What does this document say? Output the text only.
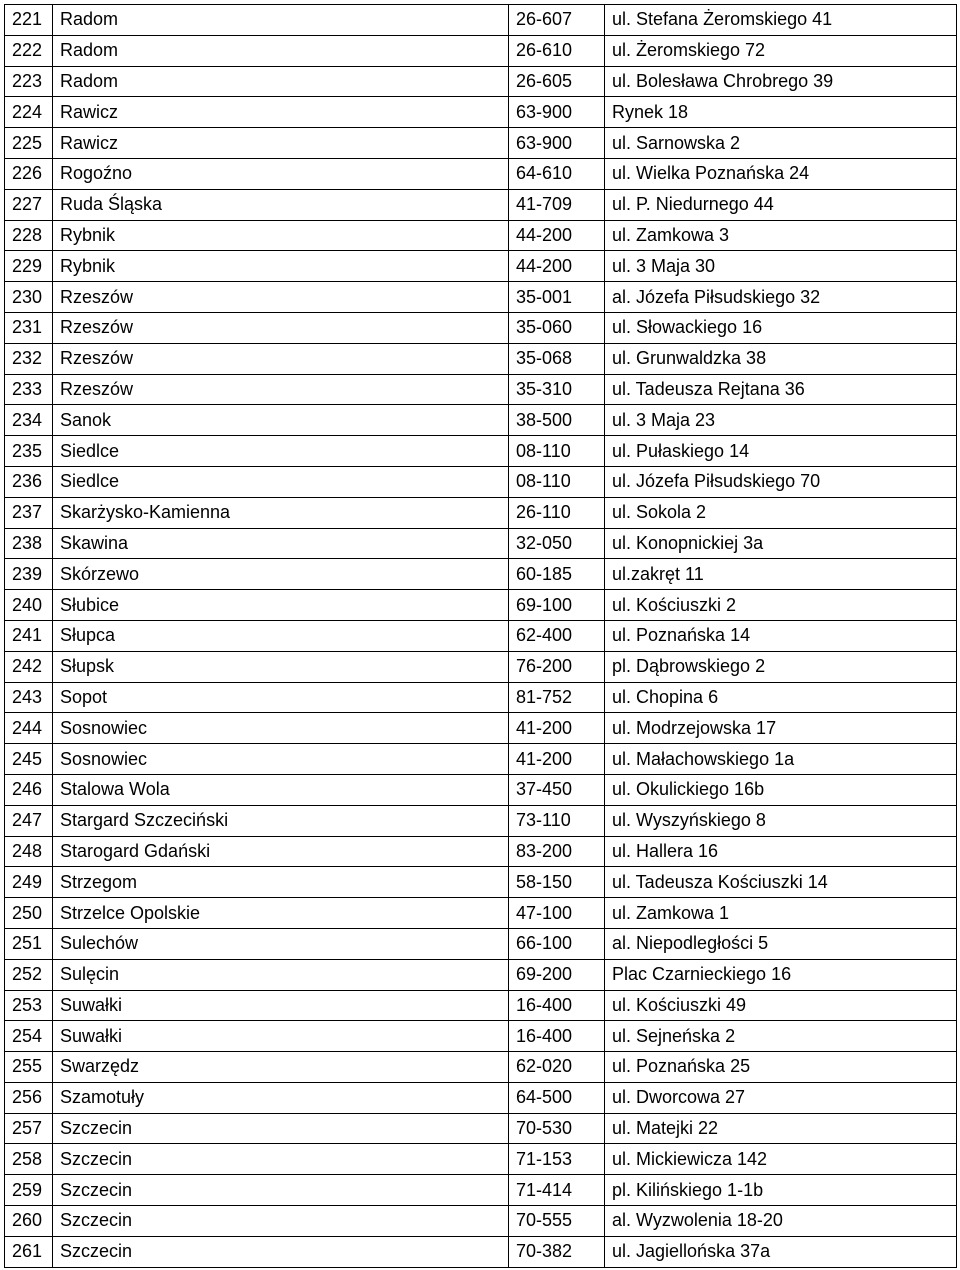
221	Radom	26-607	ul. Stefana Żeromskiego 41
222	Radom	26-610	ul. Żeromskiego 72
223	Radom	26-605	ul. Bolesława Chrobrego 39
224	Rawicz	63-900	Rynek 18
225	Rawicz	63-900	ul. Sarnowska 2
226	Rogoźno	64-610	ul. Wielka Poznańska 24
227	Ruda Śląska	41-709	ul. P. Niedurnego 44
228	Rybnik	44-200	ul. Zamkowa 3
229	Rybnik	44-200	ul. 3 Maja 30
230	Rzeszów	35-001	al. Józefa Piłsudskiego 32
231	Rzeszów	35-060	ul. Słowackiego 16
232	Rzeszów	35-068	ul. Grunwaldzka 38
233	Rzeszów	35-310	ul. Tadeusza Rejtana 36
234	Sanok	38-500	ul. 3 Maja 23
235	Siedlce	08-110	ul. Pułaskiego 14
236	Siedlce	08-110	ul. Józefa Piłsudskiego 70
237	Skarżysko-Kamienna	26-110	ul. Sokola 2
238	Skawina	32-050	ul. Konopnickiej 3a
239	Skórzewo	60-185	ul.zakręt 11
240	Słubice	69-100	ul. Kościuszki 2
241	Słupca	62-400	ul. Poznańska 14
242	Słupsk	76-200	pl. Dąbrowskiego 2
243	Sopot	81-752	ul. Chopina 6
244	Sosnowiec	41-200	ul. Modrzejowska 17
245	Sosnowiec	41-200	ul. Małachowskiego 1a
246	Stalowa Wola	37-450	ul. Okulickiego 16b
247	Stargard Szczeciński	73-110	ul. Wyszyńskiego 8
248	Starogard Gdański	83-200	ul. Hallera 16
249	Strzegom	58-150	ul. Tadeusza Kościuszki 14
250	Strzelce Opolskie	47-100	ul. Zamkowa 1
251	Sulechów	66-100	al. Niepodległości 5
252	Sulęcin	69-200	Plac Czarnieckiego 16
253	Suwałki	16-400	ul. Kościuszki 49
254	Suwałki	16-400	ul. Sejneńska 2
255	Swarzędz	62-020	ul. Poznańska 25
256	Szamotuły	64-500	ul. Dworcowa 27
257	Szczecin	70-530	ul. Matejki 22
258	Szczecin	71-153	ul. Mickiewicza 142
259	Szczecin	71-414	pl. Kilińskiego 1-1b
260	Szczecin	70-555	al. Wyzwolenia 18-20
261	Szczecin	70-382	ul. Jagiellońska 37a
